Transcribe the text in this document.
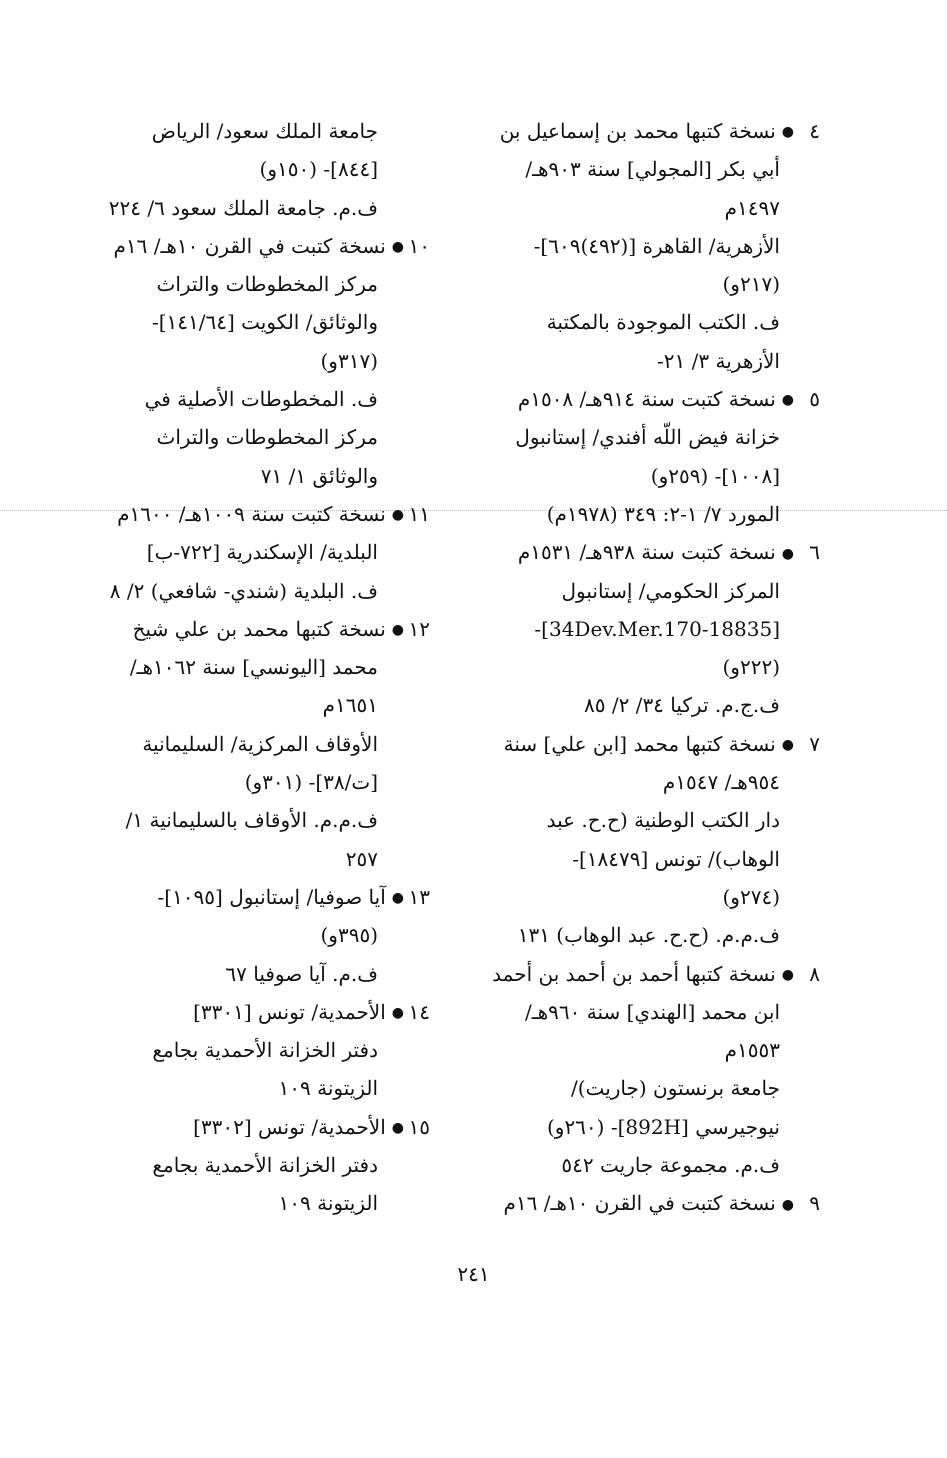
٤●نسخة كتبها محمد بن إسماعيل بن
أبي بكر [المجولي] سنة ٩٠٣هـ/
١٤٩٧م
الأزهرية/ القاهرة [(٤٩٢)٦٠٩]-
(٢١٧و)
ف. الكتب الموجودة بالمكتبة
الأزهرية ٣/ ٢١-
٥●نسخة كتبت سنة ٩١٤هـ/ ١٥٠٨م
خزانة فيض اللّه أفندي/ إستانبول
[١٠٠٨]- (٢٥٩و)
المورد ٧/ ١-٢: ٣٤٩ (١٩٧٨م)
٦●نسخة كتبت سنة ٩٣٨هـ/ ١٥٣١م
المركز الحكومي/ إستانبول
[34Dev.Mer.170-18835]-
(٢٢٢و)
ف.ج.م. تركيا ٣٤/ ٢/ ٨٥
٧●نسخة كتبها محمد [ابن علي] سنة
٩٥٤هـ/ ١٥٤٧م
دار الكتب الوطنية (ح.ح. عبد
الوهاب)/ تونس [١٨٤٧٩]-
(٢٧٤و)
ف.م.م. (ح.ح. عبد الوهاب) ١٣١
٨●نسخة كتبها أحمد بن أحمد بن أحمد
ابن محمد [الهندي] سنة ٩٦٠هـ/
١٥٥٣م
جامعة برنستون (جاريت)/
نيوجيرسي [892H]- (٢٦٠و)
ف.م. مجموعة جاريت ٥٤٢
٩●نسخة كتبت في القرن ١٠هـ/ ١٦م
جامعة الملك سعود/ الرياض
[٨٤٤]- (١٥٠و)
ف.م. جامعة الملك سعود ٦/ ٢٢٤
١٠●نسخة كتبت في القرن ١٠هـ/ ١٦م
مركز المخطوطات والتراث
والوثائق/ الكويت [١٤١/٦٤]-
(٣١٧و)
ف. المخطوطات الأصلية في
مركز المخطوطات والتراث
والوثائق ١/ ٧١
١١●نسخة كتبت سنة ١٠٠٩هـ/ ١٦٠٠م
البلدية/ الإسكندرية [٧٢٢-ب]
ف. البلدية (شندي- شافعي) ٢/ ٨
١٢●نسخة كتبها محمد بن علي شيخ
محمد [اليونسي] سنة ١٠٦٢هـ/
١٦٥١م
الأوقاف المركزية/ السليمانية
[ت/٣٨]- (٣٠١و)
ف.م.م. الأوقاف بالسليمانية ١/
٢٥٧
١٣●آيا صوفيا/ إستانبول [١٠٩٥]-
(٣٩٥و)
ف.م. آيا صوفيا ٦٧
١٤●الأحمدية/ تونس [٣٣٠١]
دفتر الخزانة الأحمدية بجامع
الزيتونة ١٠٩
١٥●الأحمدية/ تونس [٣٣٠٢]
دفتر الخزانة الأحمدية بجامع
الزيتونة ١٠٩
٢٤١
